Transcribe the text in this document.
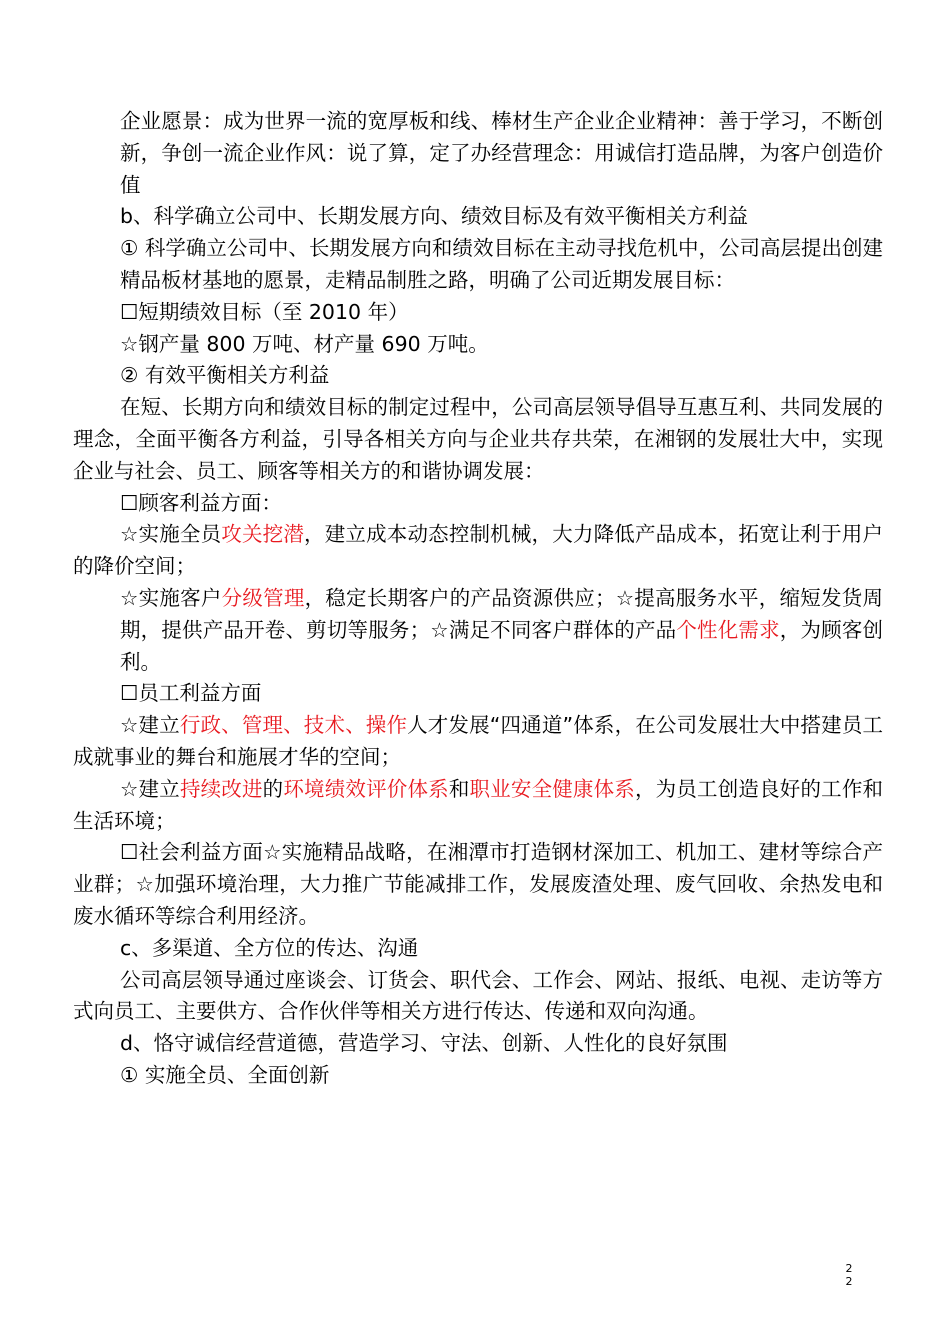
企业愿景：成为世界一流的宽厚板和线、棒材生产企业企业精神：善于学习，不断创新，争创一流企业作风：说了算，定了办经营理念：用诚信打造品牌，为客户创造价值

b、科学确立公司中、长期发展方向、绩效目标及有效平衡相关方利益

① 科学确立公司中、长期发展方向和绩效目标在主动寻找危机中，公司高层提出创建精品板材基地的愿景，走精品制胜之路，明确了公司近期发展目标：

☐短期绩效目标（至 2010 年）

☆钢产量 800 万吨、材产量 690 万吨。

② 有效平衡相关方利益

在短、长期方向和绩效目标的制定过程中，公司高层领导倡导互惠互利、共同发展的理念，全面平衡各方利益，引导各相关方向与企业共存共荣，在湘钢的发展壮大中，实现企业与社会、员工、顾客等相关方的和谐协调发展：

☐顾客利益方面：

☆实施全员攻关挖潜，建立成本动态控制机械，大力降低产品成本，拓宽让利于用户的降价空间；

☆实施客户分级管理，稳定长期客户的产品资源供应；☆提高服务水平，缩短发货周期，提供产品开卷、剪切等服务；☆满足不同客户群体的产品个性化需求，为顾客创利。

☐员工利益方面

☆建立行政、管理、技术、操作人才发展“四通道”体系，在公司发展壮大中搭建员工成就事业的舞台和施展才华的空间；

☆建立持续改进的环境绩效评价体系和职业安全健康体系，为员工创造良好的工作和生活环境；

☐社会利益方面☆实施精品战略，在湘潭市打造钢材深加工、机加工、建材等综合产业群；☆加强环境治理，大力推广节能减排工作，发展废渣处理、废气回收、余热发电和废水循环等综合利用经济。

c、多渠道、全方位的传达、沟通

公司高层领导通过座谈会、订货会、职代会、工作会、网站、报纸、电视、走访等方式向员工、主要供方、合作伙伴等相关方进行传达、传递和双向沟通。

d、恪守诚信经营道德，营造学习、守法、创新、人性化的良好氛围

① 实施全员、全面创新

2
2
